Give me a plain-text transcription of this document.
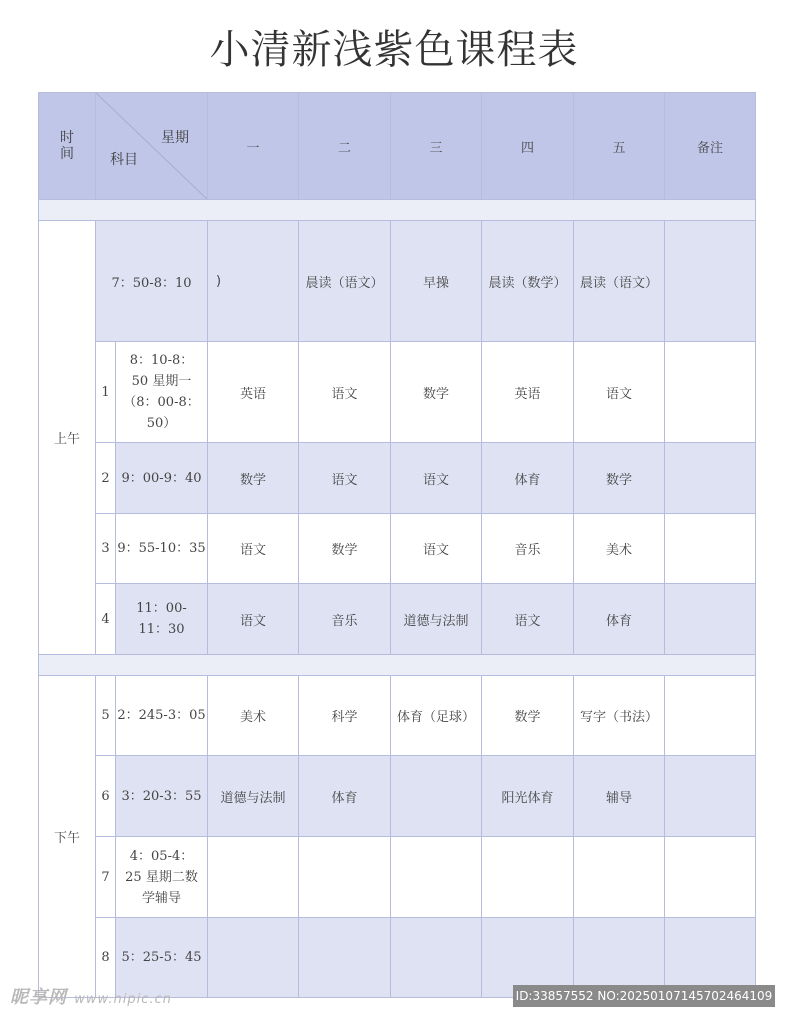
小清新浅紫色课程表
时间	星期
科目		一	二	三	四	五	备注

上午	7：50-8：10		)	晨读（语文）	早操	晨读（数学）	晨读（语文）	
	1	8：10-8：50 星期一（8：00-8：50）	英语	语文	数学	英语	语文	
	2	9：00-9：40	数学	语文	语文	体育	数学	
	3	9：55-10：35	语文	数学	语文	音乐	美术	
	4	11：00-11：30	语文	音乐	道德与法制	语文	体育	

下午	5	2：245-3：05	美术	科学	体育（足球）	数学	写字（书法）	
	6	3：20-3：55	道德与法制	体育		阳光体育	辅导	
	7	4：05-4：25 星期二数学辅导						
	8	5：25-5：45						
昵享网 www.nipic.cn	ID:33857552 NO:20250107145702464109
